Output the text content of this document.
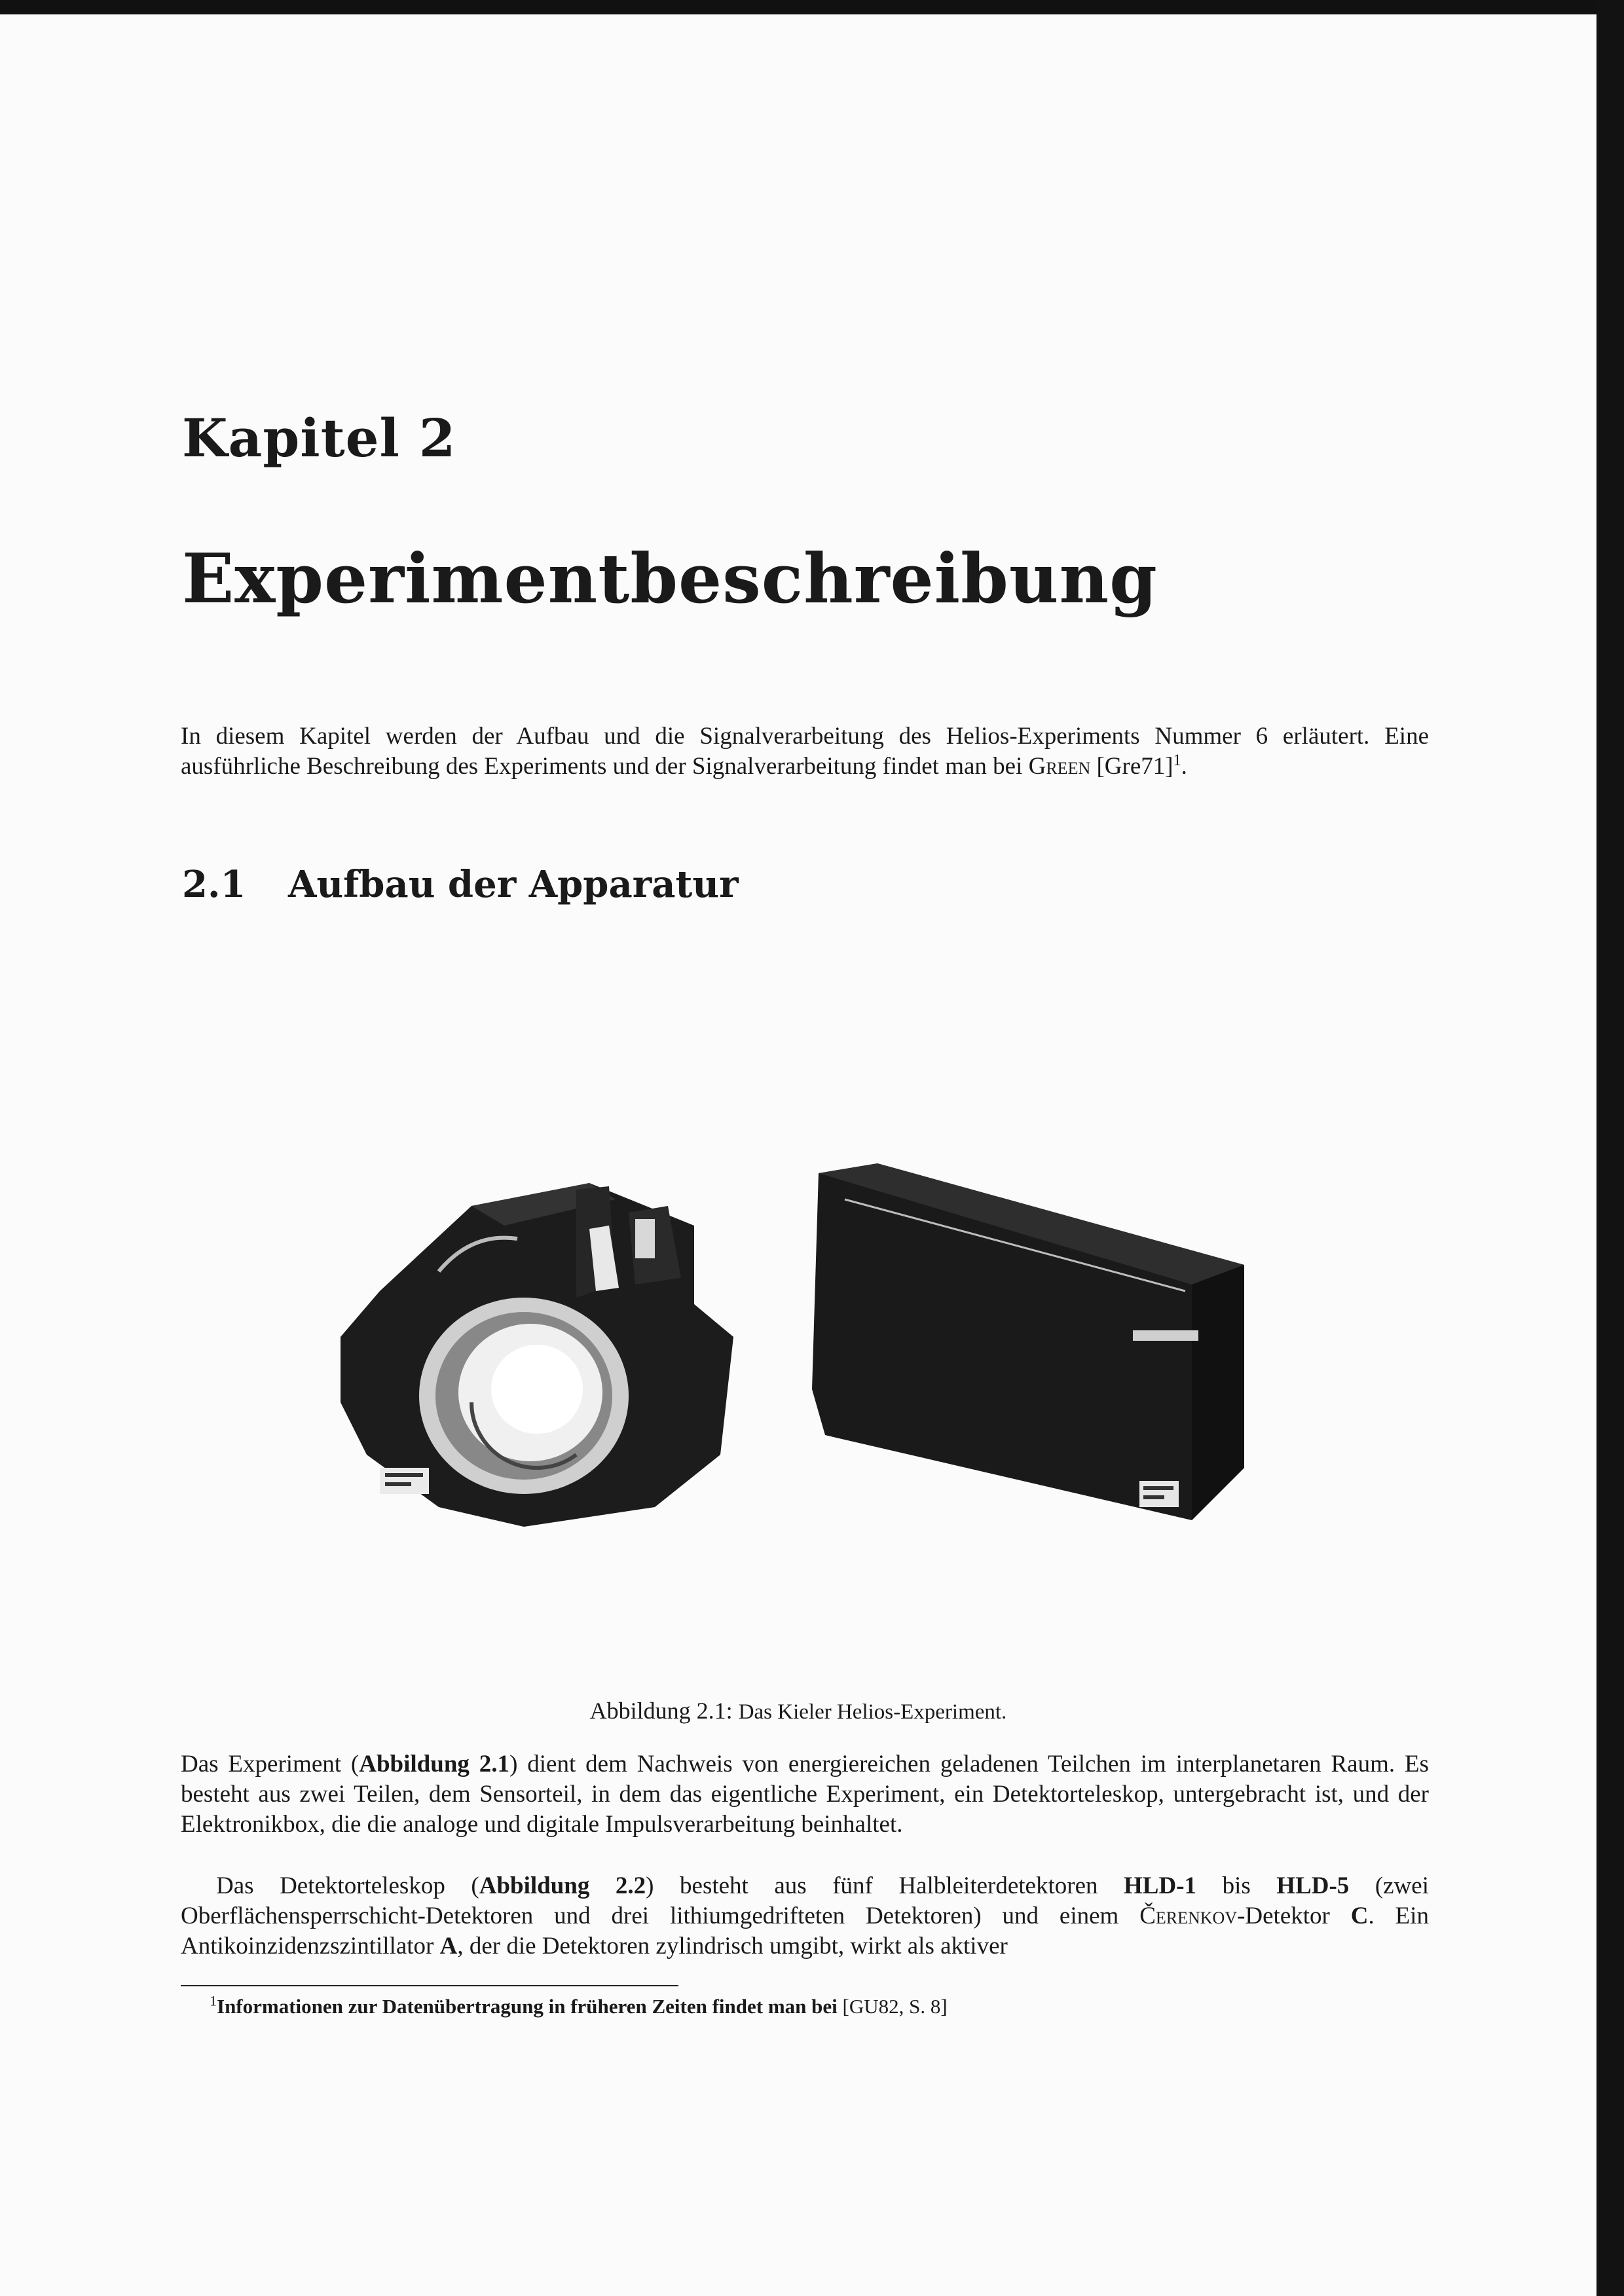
Kapitel 2
Experimentbeschreibung
In diesem Kapitel werden der Aufbau und die Signalverarbeitung des Helios-Experiments Nummer 6 erläutert. Eine ausführliche Beschreibung des Experiments und der Signalverarbeitung findet man bei Green $[Gre71]^1$.
2.1 Aufbau der Apparatur
Abbildung 2.1: Das Kieler Helios-Experiment.
Das Experiment (Abbildung 2.1) dient dem Nachweis von energiereichen geladenen Teilchen im interplanetaren Raum. Es besteht aus zwei Teilen, dem Sensorteil, in dem das eigentliche Experiment, ein Detektorteleskop, untergebracht ist, und der Elektronikbox, die die analoge und digitale Impulsverarbeitung beinhaltet.
Das Detektorteleskop (Abbildung 2.2) besteht aus fünf Halbleiterdetektoren HLD-1 bis HLD-5 (zwei Oberflächensperrschicht-Detektoren und drei lithiumgedrifteten Detektoren) und einem Čerenkov-Detektor C. Ein Antikoinzidenzszintillator A, der die Detektoren zylindrisch umgibt, wirkt als aktiver
$^1$Informationen zur Datenübertragung in früheren Zeiten findet man bei [GU82, S. 8]
